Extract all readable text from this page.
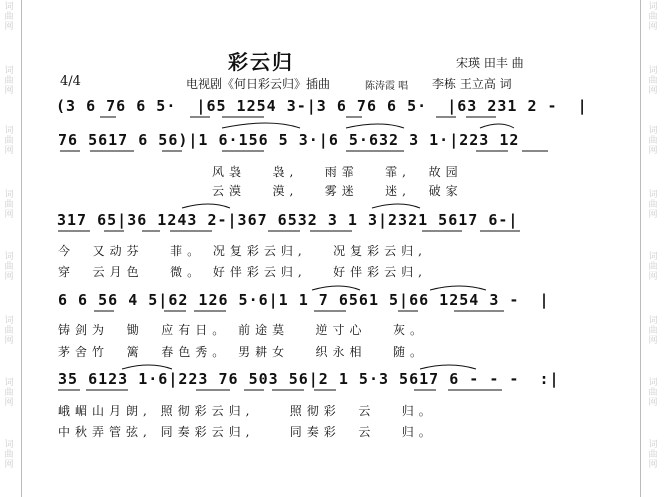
词曲网
词曲网
词曲网
词曲网
词曲网
词曲网
词曲网
词曲网
词曲网
词曲网
词曲网
词曲网
词曲网
词曲网
词曲网
词曲网
彩云归	宋瑛 田丰 曲
4/4	电视剧《何日彩云归》插曲	陈涛霞 唱 李栋 王立高 词
(3 6 76 6 5·  |65 1254 3-|3 6 76 6 5·  |63 231 2 -  |
76 5617 6 56)|1 6·156 5 3·|6 5·632 3 1·|223 12
风袅   袅,   雨霏   霏,  故园
云漠   漠,   雾迷   迷,  破家
317 65|36 1243 2-|367 6532 3 1 3|2321 5617 6-|
今  又动芬   菲。 况复彩云归,   况复彩云归,
穿  云月色   微。 好伴彩云归,   好伴彩云归,
6 6 56 4 5|62 126 5·6|1 1 7 6561 5|66 1254 3 -  |
铸剑为  锄  应有日。 前途莫   逆寸心   灰。
茅舍竹  篱  春色秀。 男耕女   织永相   随。
35 6123 1·6|223 76 503 56|2 1 5·3 5617 6 - - -  :|
峨嵋山月朗, 照彻彩云归,    照彻彩  云   归。
中秋弄管弦, 同奏彩云归,    同奏彩  云   归。
